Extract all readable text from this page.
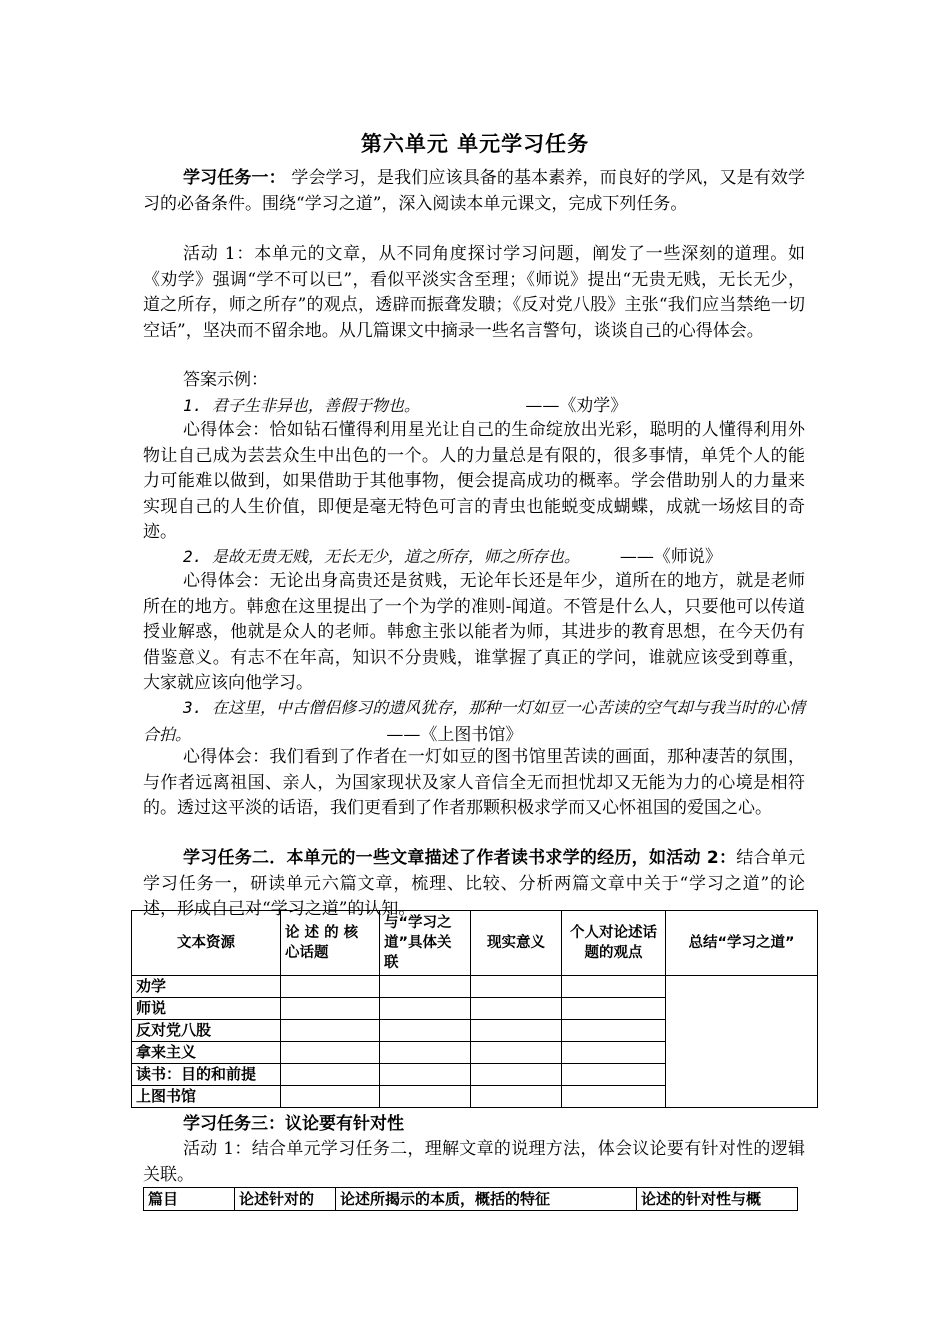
第六单元 单元学习任务
学习任务一： 学会学习，是我们应该具备的基本素养，而良好的学风，又是有效学习的必备条件。围绕“学习之道”，深入阅读本单元课文，完成下列任务。
活动 1：本单元的文章，从不同角度探讨学习问题，阐发了一些深刻的道理。如《劝学》强调“学不可以已”，看似平淡实含至理；《师说》提出“无贵无贱，无长无少，道之所存，师之所存”的观点，透辟而振聋发聩；《反对党八股》主张“我们应当禁绝一切空话”，坚决而不留余地。从几篇课文中摘录一些名言警句，谈谈自己的心得体会。
答案示例：
1. 君子生非异也，善假于物也。	——《劝学》
心得体会：恰如钻石懂得利用星光让自己的生命绽放出光彩，聪明的人懂得利用外物让自己成为芸芸众生中出色的一个。人的力量总是有限的，很多事情，单凭个人的能力可能难以做到，如果借助于其他事物，便会提高成功的概率。学会借助别人的力量来实现自己的人生价值，即便是毫无特色可言的青虫也能蜕变成蝴蝶，成就一场炫目的奇迹。
2. 是故无贵无贱，无长无少，道之所存，师之所存也。 ——《师说》
心得体会：无论出身高贵还是贫贱，无论年长还是年少，道所在的地方，就是老师所在的地方。韩愈在这里提出了一个为学的准则-闻道。不管是什么人，只要他可以传道授业解惑，他就是众人的老师。韩愈主张以能者为师，其进步的教育思想，在今天仍有借鉴意义。有志不在年高，知识不分贵贱，谁掌握了真正的学问，谁就应该受到尊重，大家就应该向他学习。
3. 在这里，中古僧侣修习的遗风犹存，那种一灯如豆一心苦读的空气却与我当时的心情合拍。	——《上图书馆》
心得体会：我们看到了作者在一灯如豆的图书馆里苦读的画面，那种凄苦的氛围，与作者远离祖国、亲人，为国家现状及家人音信全无而担忧却又无能为力的心境是相符的。透过这平淡的话语，我们更看到了作者那颗积极求学而又心怀祖国的爱国之心。
学习任务二．本单元的一些文章描述了作者读书求学的经历，如活动 2：结合单元学习任务一，研读单元六篇文章，梳理、比较、分析两篇文章中关于“学习之道”的论述，形成自己对“学习之道”的认知。
文本资源	论 述 的 核 心话题	与“学习之道”具体关联	现实意义	个人对论述话题的观点	总结“学习之道”
劝学					
师说					
反对党八股					
拿来主义					
读书：目的和前提					
上图书馆					
学习任务三：议论要有针对性
活动 1：结合单元学习任务二，理解文章的说理方法，体会议论要有针对性的逻辑关联。
篇目	论述针对的	论述所揭示的本质，概括的特征	论述的针对性与概
